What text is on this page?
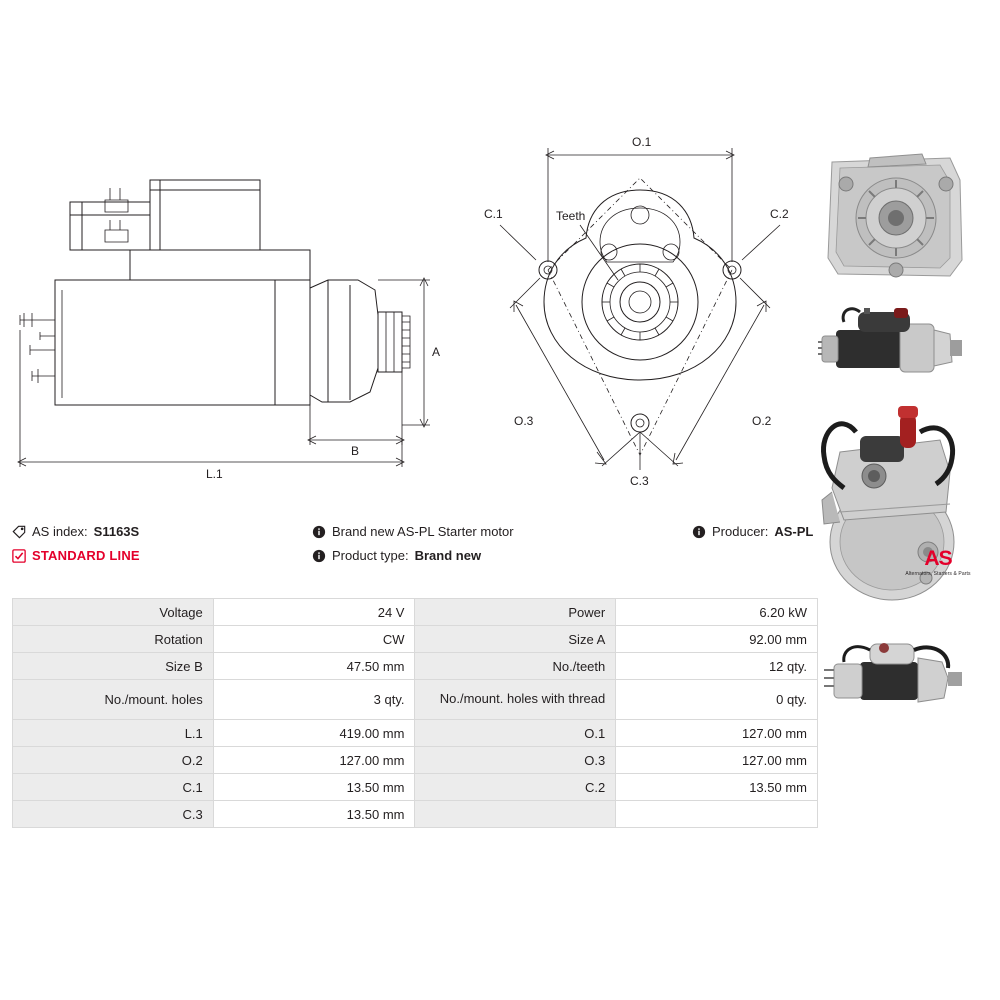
A
B
L.1
O.1
O.3	O.2
C.1	C.2
C.3
Teeth
AS index: S1163S	Brand new AS-PL Starter motor	Producer: AS-PL
STANDARD LINE	Product type: Brand new	AS
Alternators, Starters & Parts
Voltage	24 V	Power	6.20 kW
Rotation	CW	Size A	92.00 mm
Size B	47.50 mm	No./teeth	12 qty.
No./mount. holes	3 qty.	No./mount. holes with thread	0 qty.
L.1	419.00 mm	O.1	127.00 mm
O.2	127.00 mm	O.3	127.00 mm
C.1	13.50 mm	C.2	13.50 mm
C.3	13.50 mm		
